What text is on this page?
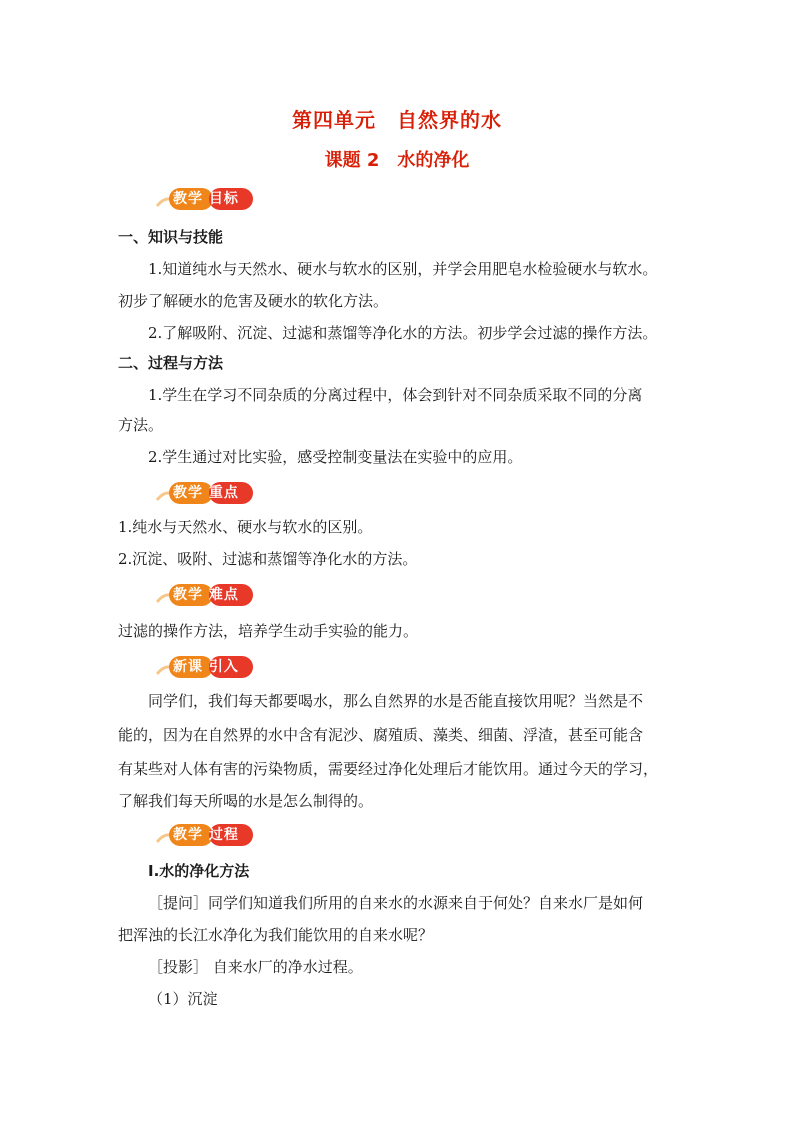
第四单元　自然界的水
课题 2　水的净化
教学 目标
一、知识与技能
1.知道纯水与天然水、硬水与软水的区别，并学会用肥皂水检验硬水与软水。
初步了解硬水的危害及硬水的软化方法。
2.了解吸附、沉淀、过滤和蒸馏等净化水的方法。初步学会过滤的操作方法。
二、过程与方法
1.学生在学习不同杂质的分离过程中，体会到针对不同杂质采取不同的分离
方法。
2.学生通过对比实验，感受控制变量法在实验中的应用。
教学 重点
1.纯水与天然水、硬水与软水的区别。
2.沉淀、吸附、过滤和蒸馏等净化水的方法。
教学 难点
过滤的操作方法，培养学生动手实验的能力。
新课 引入
同学们，我们每天都要喝水，那么自然界的水是否能直接饮用呢？当然是不
能的，因为在自然界的水中含有泥沙、腐殖质、藻类、细菌、浮渣，甚至可能含
有某些对人体有害的污染物质，需要经过净化处理后才能饮用。通过今天的学习，
了解我们每天所喝的水是怎么制得的。
教学 过程
Ⅰ.水的净化方法
［提问］同学们知道我们所用的自来水的水源来自于何处？自来水厂是如何
把浑浊的长江水净化为我们能饮用的自来水呢？
［投影］ 自来水厂的净水过程。
（1）沉淀
